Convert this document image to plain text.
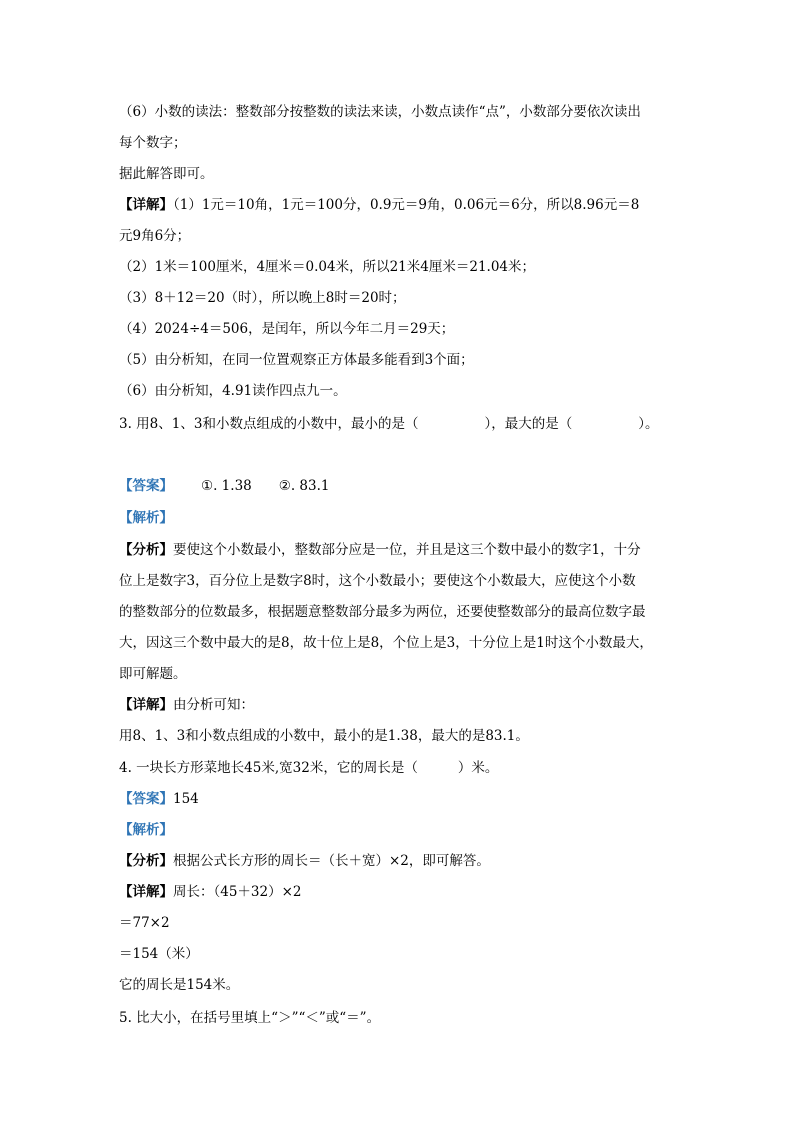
（6）小数的读法：整数部分按整数的读法来读，小数点读作“点”，小数部分要依次读出
每个数字；
据此解答即可。
【详解】（1）1元＝10角，1元＝100分，0.9元＝9角，0.06元＝6分，所以8.96元＝8
元9角6分；
（2）1米＝100厘米，4厘米＝0.04米，所以21米4厘米＝21.04米；
（3）8＋12＝20（时），所以晚上8时＝20时；
（4）2024÷4＝506，是闰年，所以今年二月＝29天；
（5）由分析知，在同一位置观察正方体最多能看到3个面；
（6）由分析知，4.91读作四点九一。
3. 用8、1、3和小数点组成的小数中，最小的是（	），最大的是（	）。
【答案】 ①. 1.38　　②. 83.1
【解析】
【分析】要使这个小数最小，整数部分应是一位，并且是这三个数中最小的数字1，十分
位上是数字3，百分位上是数字8时，这个小数最小；要使这个小数最大，应使这个小数
的整数部分的位数最多，根据题意整数部分最多为两位，还要使整数部分的最高位数字最
大，因这三个数中最大的是8，故十位上是8，个位上是3，十分位上是1时这个小数最大，
即可解题。
【详解】由分析可知：
用8、1、3和小数点组成的小数中，最小的是1.38，最大的是83.1。
4. 一块长方形菜地长45米,宽32米，它的周长是（	）米。
【答案】154
【解析】
【分析】根据公式长方形的周长＝（长＋宽）×2，即可解答。
【详解】周长：（45＋32）×2
＝77×2
＝154（米）
它的周长是154米。
5. 比大小，在括号里填上“＞”“＜”或“＝”。
